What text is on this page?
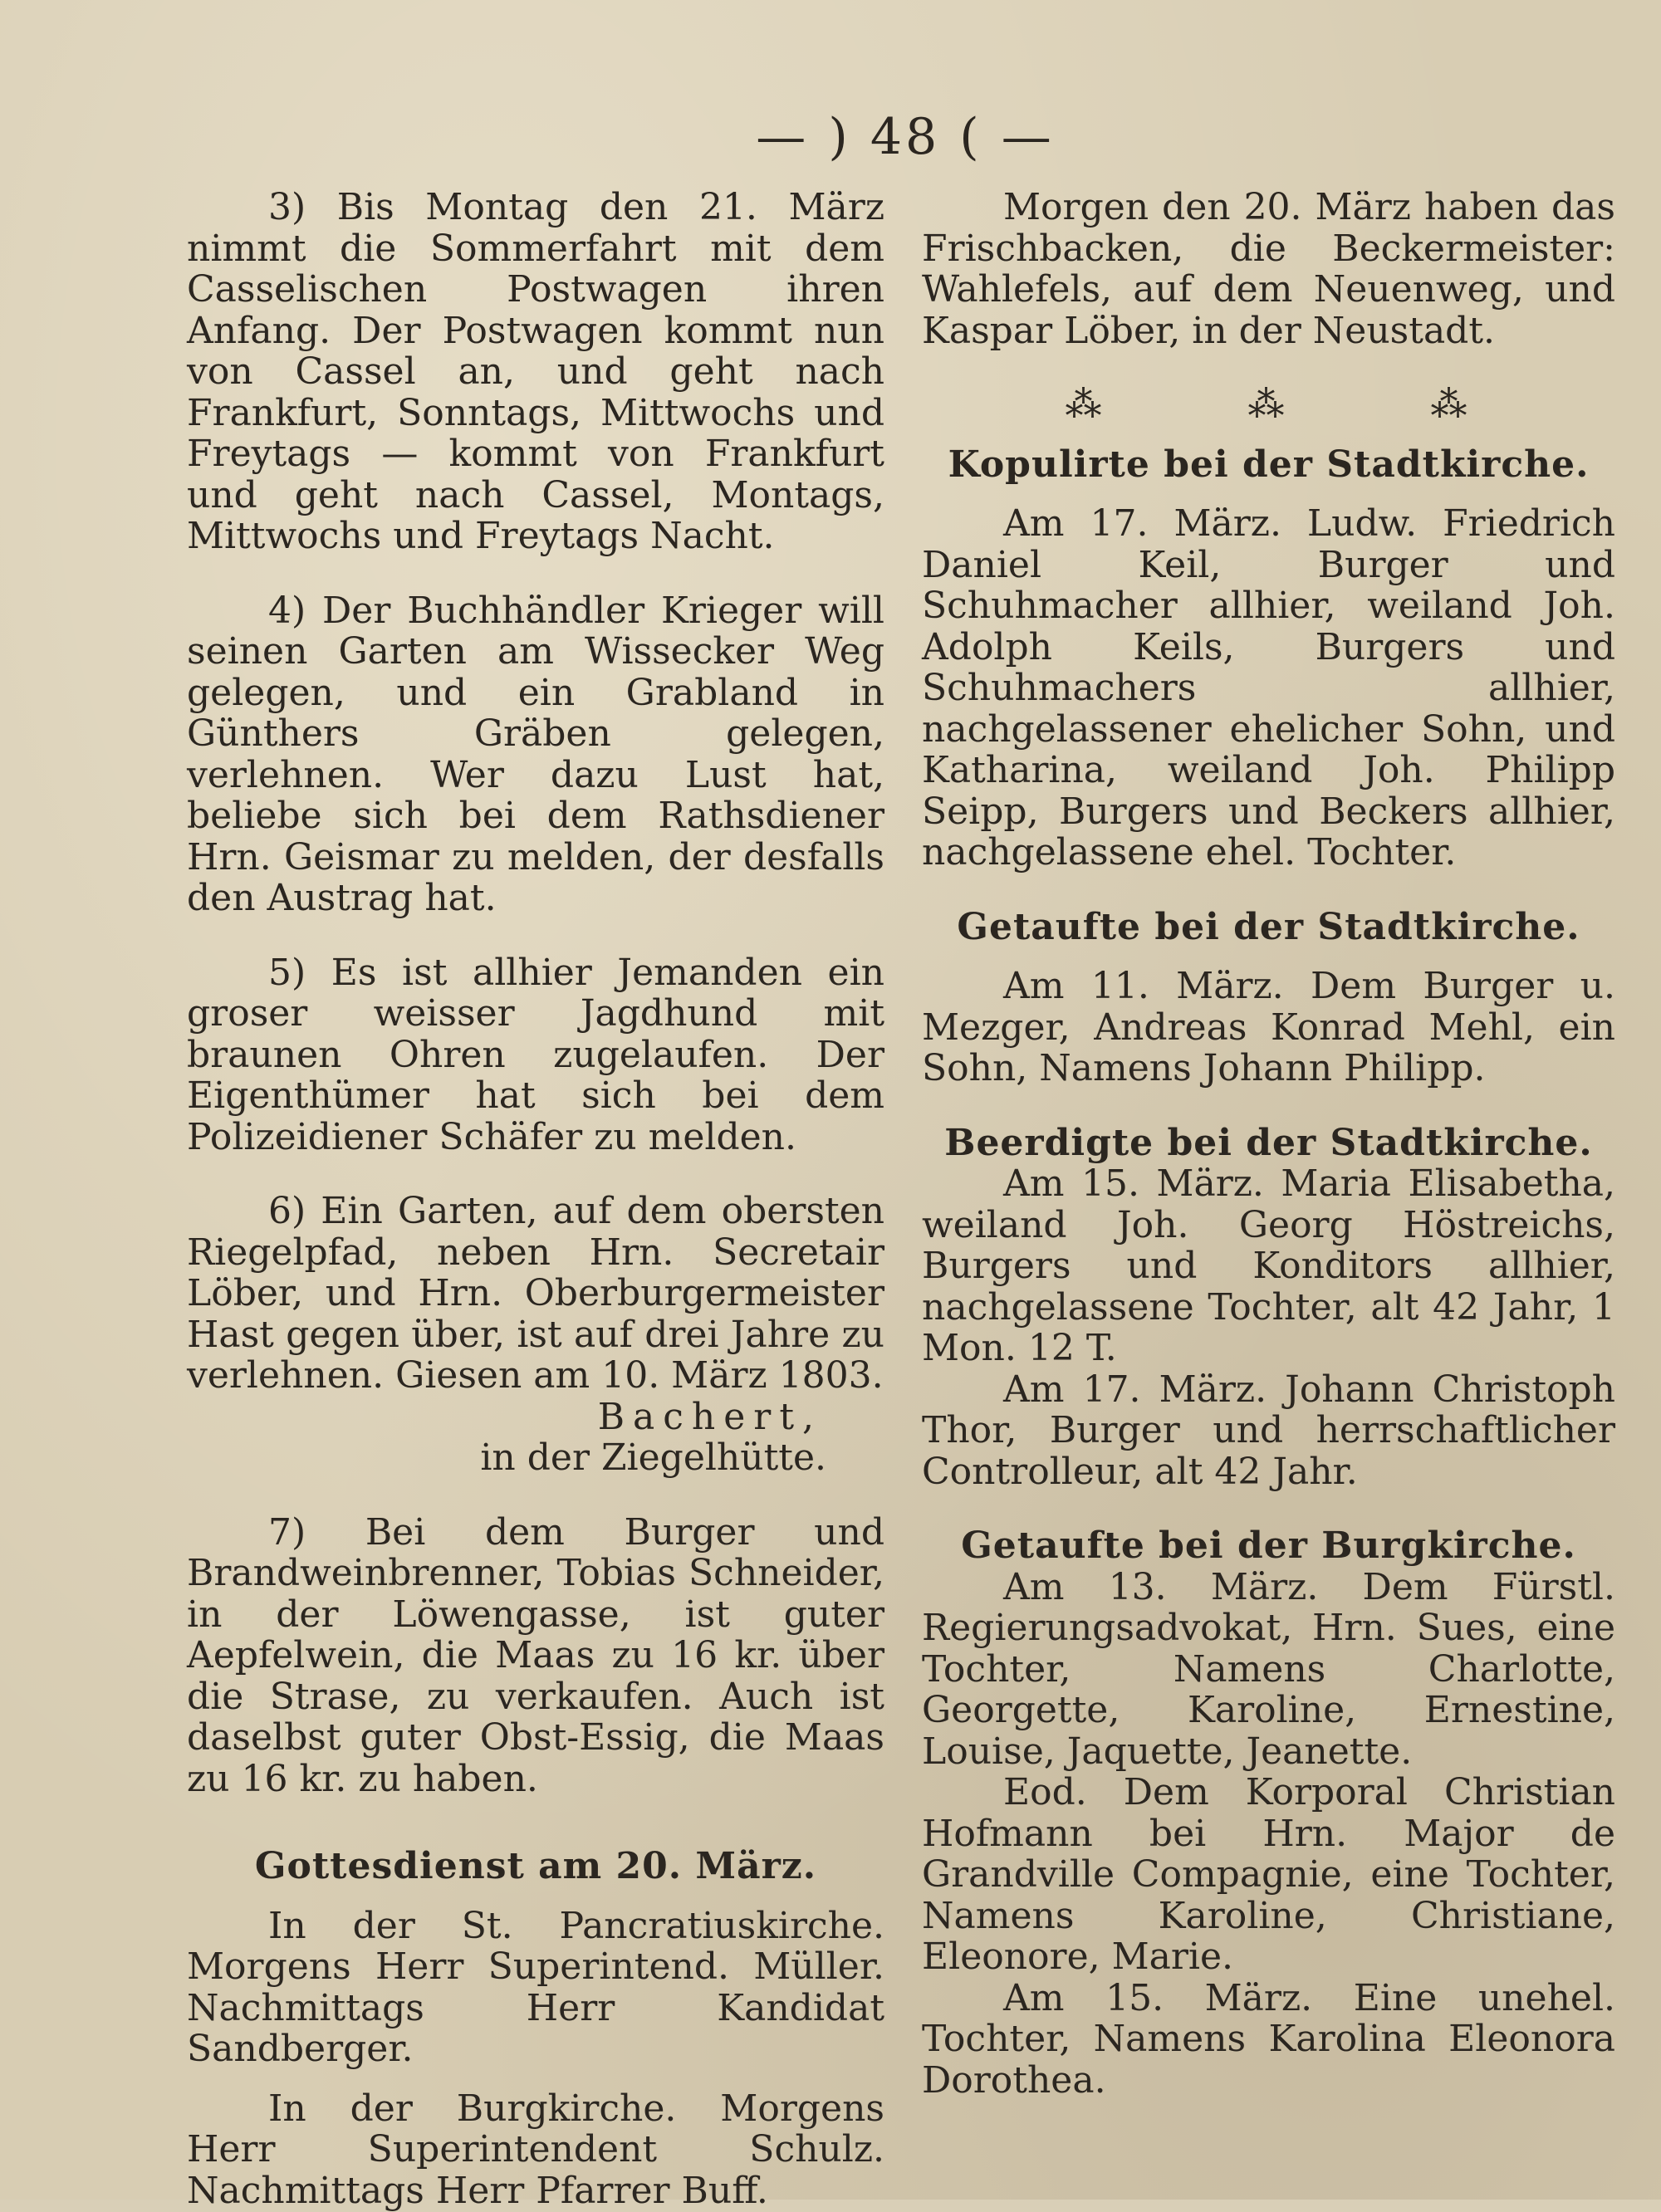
— ) 48 ( —

3) Bis Montag den 21. März nimmt die Sommerfahrt mit dem Casselischen Postwagen ihren Anfang. Der Postwagen kommt nun von Cassel an, und geht nach Frankfurt, Sonntags, Mittwochs und Freytags — kommt von Frankfurt und geht nach Cassel, Montags, Mittwochs und Freytags Nacht.

4) Der Buchhändler Krieger will seinen Garten am Wissecker Weg gelegen, und ein Grabland in Günthers Gräben gelegen, verlehnen. Wer dazu Lust hat, beliebe sich bei dem Rathsdiener Hrn. Geismar zu melden, der desfalls den Austrag hat.

5) Es ist allhier Jemanden ein groser weisser Jagdhund mit braunen Ohren zugelaufen. Der Eigenthümer hat sich bei dem Polizeidiener Schäfer zu melden.

6) Ein Garten, auf dem obersten Riegelpfad, neben Hrn. Secretair Löber, und Hrn. Oberburgermeister Hast gegen über, ist auf drei Jahre zu verlehnen. Giesen am 10. März 1803.

Bachert,

in der Ziegelhütte.

7) Bei dem Burger und Brandweinbrenner, Tobias Schneider, in der Löwengasse, ist guter Aepfelwein, die Maas zu 16 kr. über die Strase, zu verkaufen. Auch ist daselbst guter Obst-Essig, die Maas zu 16 kr. zu haben.

Gottesdienst am 20. März.

In der St. Pancratiuskirche. Morgens Herr Superintend. Müller. Nachmittags Herr Kandidat Sandberger.

In der Burgkirche. Morgens Herr Superintendent Schulz. Nachmittags Herr Pfarrer Buff.

Morgen den 20. März haben das Frischbacken, die Beckermeister: Wahlefels, auf dem Neuenweg, und Kaspar Löber, in der Neustadt.

⁂ ⁂ ⁂

Kopulirte bei der Stadtkirche.

Am 17. März. Ludw. Friedrich Daniel Keil, Burger und Schuhmacher allhier, weiland Joh. Adolph Keils, Burgers und Schuhmachers allhier, nachgelassener ehelicher Sohn, und Katharina, weiland Joh. Philipp Seipp, Burgers und Beckers allhier, nachgelassene ehel. Tochter.

Getaufte bei der Stadtkirche.

Am 11. März. Dem Burger u. Mezger, Andreas Konrad Mehl, ein Sohn, Namens Johann Philipp.

Beerdigte bei der Stadtkirche.

Am 15. März. Maria Elisabetha, weiland Joh. Georg Höstreichs, Burgers und Konditors allhier, nachgelassene Tochter, alt 42 Jahr, 1 Mon. 12 T.

Am 17. März. Johann Christoph Thor, Burger und herrschaftlicher Controlleur, alt 42 Jahr.

Getaufte bei der Burgkirche.

Am 13. März. Dem Fürstl. Regierungsadvokat, Hrn. Sues, eine Tochter, Namens Charlotte, Georgette, Karoline, Ernestine, Louise, Jaquette, Jeanette.

Eod. Dem Korporal Christian Hofmann bei Hrn. Major de Grandville Compagnie, eine Tochter, Namens Karoline, Christiane, Eleonore, Marie.

Am 15. März. Eine unehel. Tochter, Namens Karolina Eleonora Dorothea.
